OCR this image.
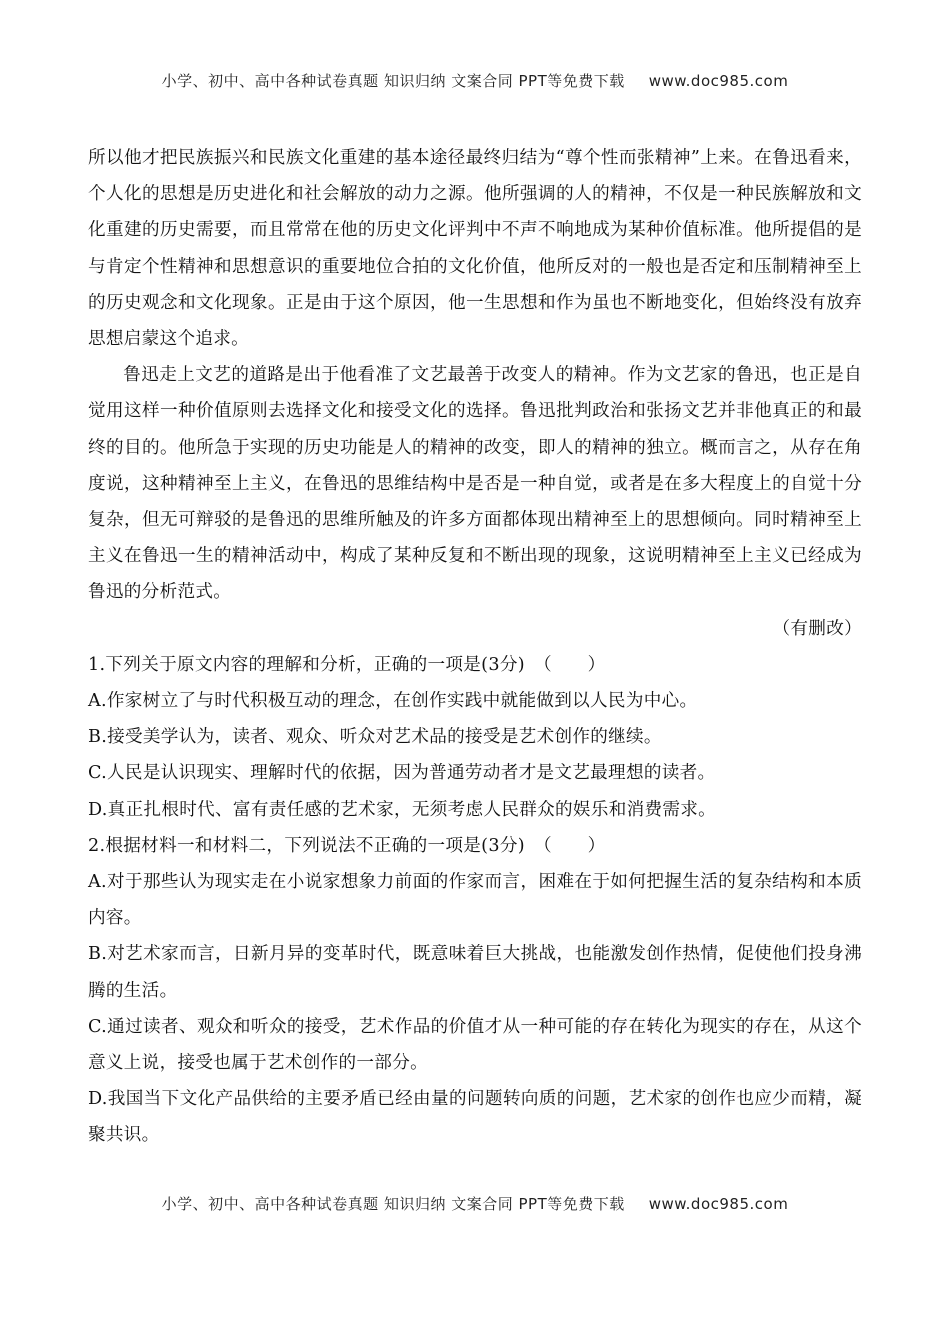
小学、初中、高中各种试卷真题 知识归纳 文案合同 PPT等免费下载 www.doc985.com

所以他才把民族振兴和民族文化重建的基本途径最终归结为“尊个性而张精神”上来。在鲁迅看来，个人化的思想是历史进化和社会解放的动力之源。他所强调的人的精神，不仅是一种民族解放和文化重建的历史需要，而且常常在他的历史文化评判中不声不响地成为某种价值标准。他所提倡的是与肯定个性精神和思想意识的重要地位合拍的文化价值，他所反对的一般也是否定和压制精神至上的历史观念和文化现象。正是由于这个原因，他一生思想和作为虽也不断地变化，但始终没有放弃思想启蒙这个追求。

鲁迅走上文艺的道路是出于他看准了文艺最善于改变人的精神。作为文艺家的鲁迅，也正是自觉用这样一种价值原则去选择文化和接受文化的选择。鲁迅批判政治和张扬文艺并非他真正的和最终的目的。他所急于实现的历史功能是人的精神的改变，即人的精神的独立。概而言之，从存在角度说，这种精神至上主义，在鲁迅的思维结构中是否是一种自觉，或者是在多大程度上的自觉十分复杂，但无可辩驳的是鲁迅的思维所触及的许多方面都体现出精神至上的思想倾向。同时精神至上主义在鲁迅一生的精神活动中，构成了某种反复和不断出现的现象，这说明精神至上主义已经成为鲁迅的分析范式。

（有删改）

1.下列关于原文内容的理解和分析，正确的一项是(3分)　（　　）

A.作家树立了与时代积极互动的理念，在创作实践中就能做到以人民为中心。

B.接受美学认为，读者、观众、听众对艺术品的接受是艺术创作的继续。

C.人民是认识现实、理解时代的依据，因为普通劳动者才是文艺最理想的读者。

D.真正扎根时代、富有责任感的艺术家，无须考虑人民群众的娱乐和消费需求。

2.根据材料一和材料二，下列说法不正确的一项是(3分)　（　　）

A.对于那些认为现实走在小说家想象力前面的作家而言，困难在于如何把握生活的复杂结构和本质内容。

B.对艺术家而言，日新月异的变革时代，既意味着巨大挑战，也能激发创作热情，促使他们投身沸腾的生活。

C.通过读者、观众和听众的接受，艺术作品的价值才从一种可能的存在转化为现实的存在，从这个意义上说，接受也属于艺术创作的一部分。

D.我国当下文化产品供给的主要矛盾已经由量的问题转向质的问题，艺术家的创作也应少而精，凝聚共识。

小学、初中、高中各种试卷真题 知识归纳 文案合同 PPT等免费下载 www.doc985.com
